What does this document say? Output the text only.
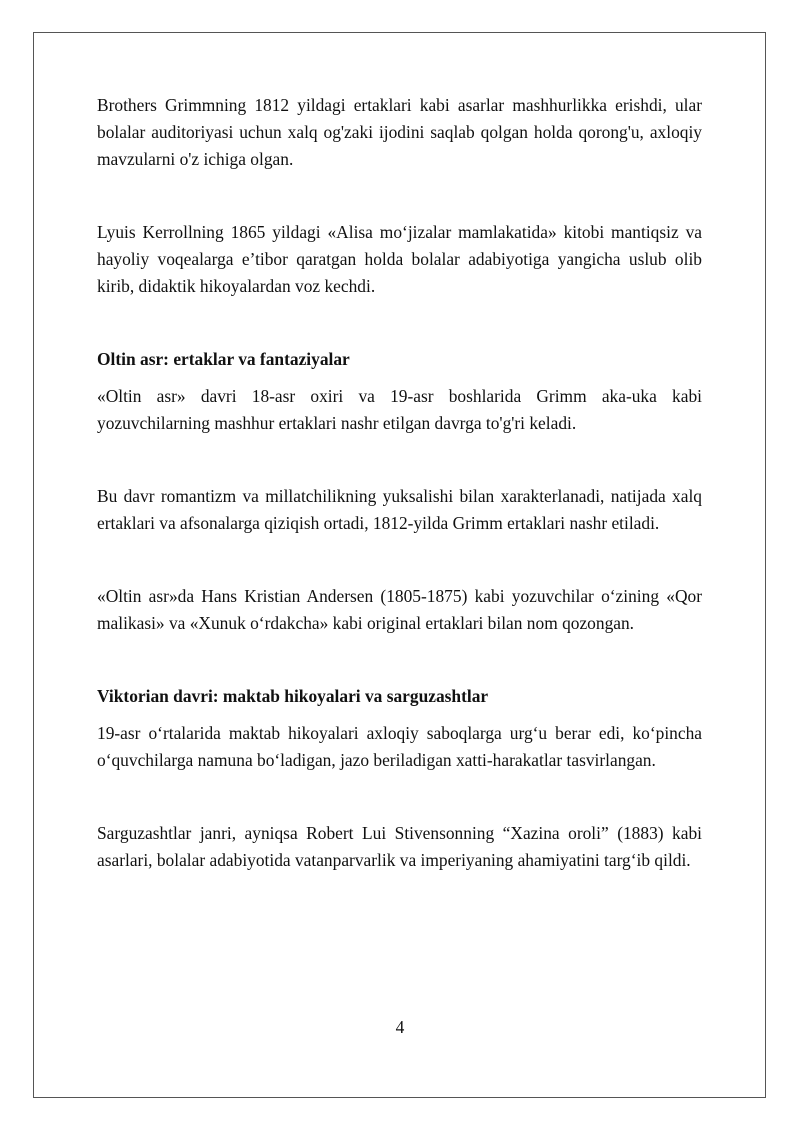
Brothers Grimmning 1812 yildagi ertaklari kabi asarlar mashhurlikka erishdi, ular bolalar auditoriyasi uchun xalq og'zaki ijodini saqlab qolgan holda qorong'u, axloqiy mavzularni o'z ichiga olgan.

Lyuis Kerrollning 1865 yildagi «Alisa mo‘jizalar mamlakatida» kitobi mantiqsiz va hayoliy voqealarga e’tibor qaratgan holda bolalar adabiyotiga yangicha uslub olib kirib, didaktik hikoyalardan voz kechdi.

Oltin asr: ertaklar va fantaziyalar

«Oltin asr» davri 18-asr oxiri va 19-asr boshlarida Grimm aka-uka kabi yozuvchilarning mashhur ertaklari nashr etilgan davrga to'g'ri keladi.

Bu davr romantizm va millatchilikning yuksalishi bilan xarakterlanadi, natijada xalq ertaklari va afsonalarga qiziqish ortadi, 1812-yilda Grimm ertaklari nashr etiladi.

«Oltin asr»da Hans Kristian Andersen (1805-1875) kabi yozuvchilar o‘zining «Qor malikasi» va «Xunuk o‘rdakcha» kabi original ertaklari bilan nom qozongan.

Viktorian davri: maktab hikoyalari va sarguzashtlar

19-asr o‘rtalarida maktab hikoyalari axloqiy saboqlarga urg‘u berar edi, ko‘pincha o‘quvchilarga namuna bo‘ladigan, jazo beriladigan xatti-harakatlar tasvirlangan.

Sarguzashtlar janri, ayniqsa Robert Lui Stivensonning “Xazina oroli” (1883) kabi asarlari, bolalar adabiyotida vatanparvarlik va imperiyaning ahamiyatini targ‘ib qildi.

4
